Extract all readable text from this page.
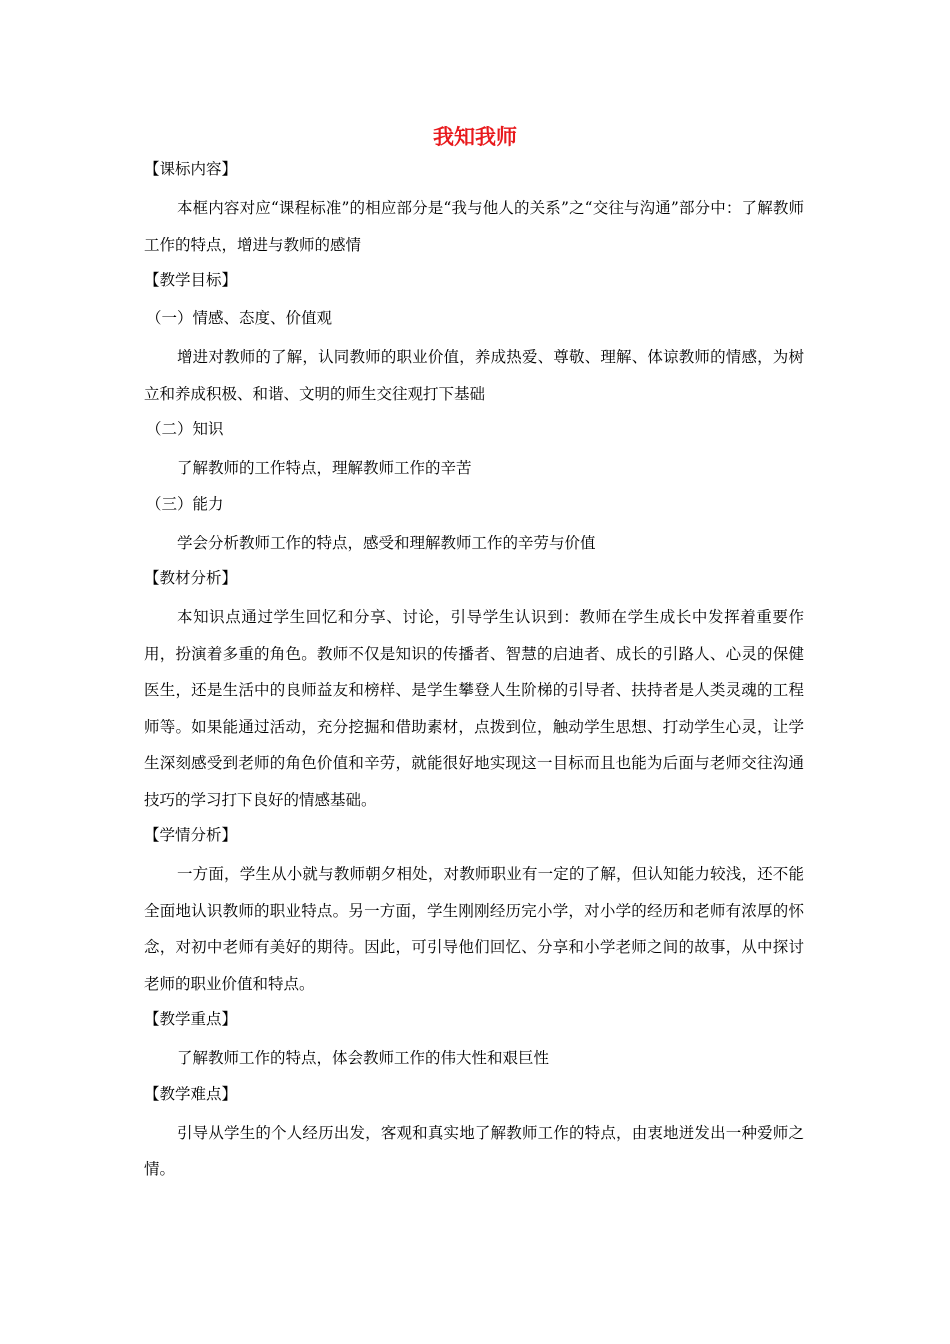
我知我师
【课标内容】
本框内容对应“课程标准”的相应部分是“我与他人的关系”之“交往与沟通”部分中：了解教师工作的特点，增进与教师的感情
【教学目标】
（一）情感、态度、价值观
增进对教师的了解，认同教师的职业价值，养成热爱、尊敬、理解、体谅教师的情感，为树立和养成积极、和谐、文明的师生交往观打下基础
（二）知识
了解教师的工作特点，理解教师工作的辛苦
（三）能力
学会分析教师工作的特点，感受和理解教师工作的辛劳与价值
【教材分析】
本知识点通过学生回忆和分享、讨论，引导学生认识到：教师在学生成长中发挥着重要作用，扮演着多重的角色。教师不仅是知识的传播者、智慧的启迪者、成长的引路人、心灵的保健医生，还是生活中的良师益友和榜样、是学生攀登人生阶梯的引导者、扶持者是人类灵魂的工程师等。如果能通过活动，充分挖掘和借助素材，点拨到位，触动学生思想、打动学生心灵，让学生深刻感受到老师的角色价值和辛劳，就能很好地实现这一目标而且也能为后面与老师交往沟通技巧的学习打下良好的情感基础。
【学情分析】
一方面，学生从小就与教师朝夕相处，对教师职业有一定的了解，但认知能力较浅，还不能全面地认识教师的职业特点。另一方面，学生刚刚经历完小学，对小学的经历和老师有浓厚的怀念，对初中老师有美好的期待。因此，可引导他们回忆、分享和小学老师之间的故事，从中探讨老师的职业价值和特点。
【教学重点】
了解教师工作的特点，体会教师工作的伟大性和艰巨性
【教学难点】
引导从学生的个人经历出发，客观和真实地了解教师工作的特点，由衷地迸发出一种爱师之情。
